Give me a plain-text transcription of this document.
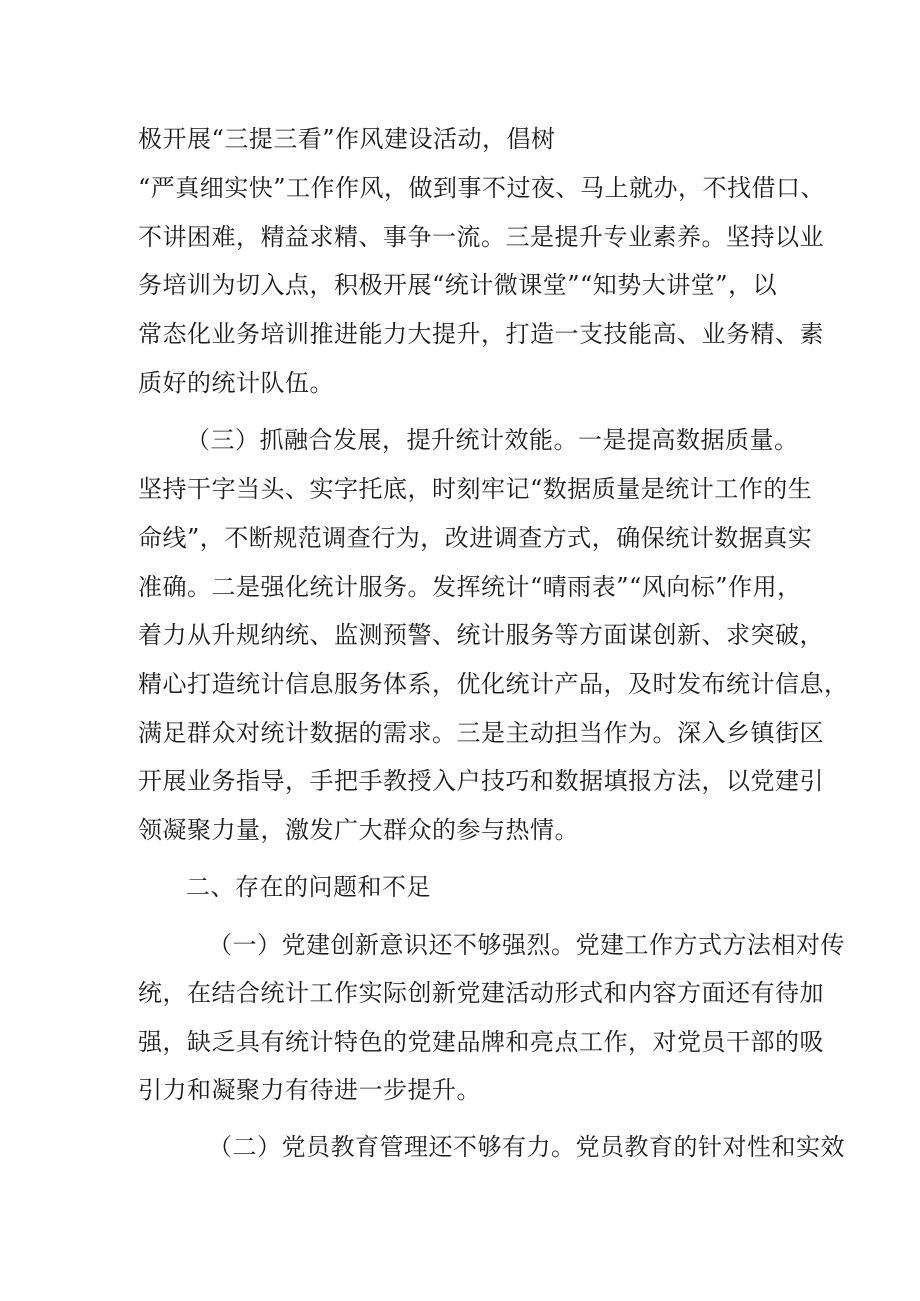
极开展“三提三看”作风建设活动，倡树
“严真细实快”工作作风，做到事不过夜、马上就办，不找借口、
不讲困难，精益求精、事争一流。三是提升专业素养。坚持以业
务培训为切入点，积极开展“统计微课堂”“知势大讲堂”，以
常态化业务培训推进能力大提升，打造一支技能高、业务精、素
质好的统计队伍。
（三）抓融合发展，提升统计效能。一是提高数据质量。
坚持干字当头、实字托底，时刻牢记“数据质量是统计工作的生
命线”，不断规范调查行为，改进调查方式，确保统计数据真实
准确。二是强化统计服务。发挥统计“晴雨表”“风向标”作用，
着力从升规纳统、监测预警、统计服务等方面谋创新、求突破，
精心打造统计信息服务体系，优化统计产品，及时发布统计信息，
满足群众对统计数据的需求。三是主动担当作为。深入乡镇街区
开展业务指导，手把手教授入户技巧和数据填报方法，以党建引
领凝聚力量，激发广大群众的参与热情。
二、存在的问题和不足
（一）党建创新意识还不够强烈。党建工作方式方法相对传
统，在结合统计工作实际创新党建活动形式和内容方面还有待加
强，缺乏具有统计特色的党建品牌和亮点工作，对党员干部的吸
引力和凝聚力有待进一步提升。
（二）党员教育管理还不够有力。党员教育的针对性和实效
